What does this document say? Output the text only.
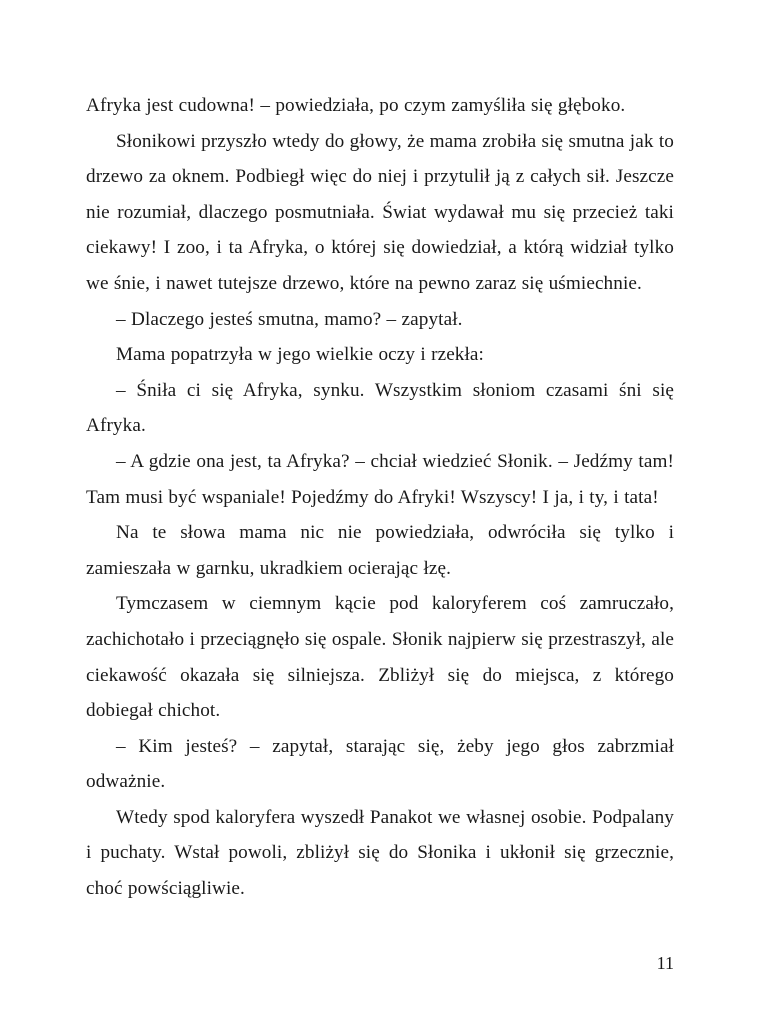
Afryka jest cudowna! – powiedziała, po czym zamyśliła się głęboko.

Słonikowi przyszło wtedy do głowy, że mama zrobiła się smutna jak to drzewo za oknem. Podbiegł więc do niej i przytulił ją z całych sił. Jeszcze nie rozumiał, dlaczego posmutniała. Świat wydawał mu się przecież taki ciekawy! I zoo, i ta Afryka, o której się dowiedział, a którą widział tylko we śnie, i nawet tutejsze drzewo, które na pewno zaraz się uśmiechnie.

– Dlaczego jesteś smutna, mamo? – zapytał.

Mama popatrzyła w jego wielkie oczy i rzekła:

– Śniła ci się Afryka, synku. Wszystkim słoniom czasami śni się Afryka.

– A gdzie ona jest, ta Afryka? – chciał wiedzieć Słonik. – Jedźmy tam! Tam musi być wspaniale! Pojedźmy do Afryki! Wszyscy! I ja, i ty, i tata!

Na te słowa mama nic nie powiedziała, odwróciła się tylko i zamieszała w garnku, ukradkiem ocierając łzę.

Tymczasem w ciemnym kącie pod kaloryferem coś zamruczało, zachichotało i przeciągnęło się ospale. Słonik najpierw się przestraszył, ale ciekawość okazała się silniejsza. Zbliżył się do miejsca, z którego dobiegał chichot.

– Kim jesteś? – zapytał, starając się, żeby jego głos zabrzmiał odważnie.

Wtedy spod kaloryfera wyszedł Panakot we własnej osobie. Podpalany i puchaty. Wstał powoli, zbliżył się do Słonika i ukłonił się grzecznie, choć powściągliwie.

11
